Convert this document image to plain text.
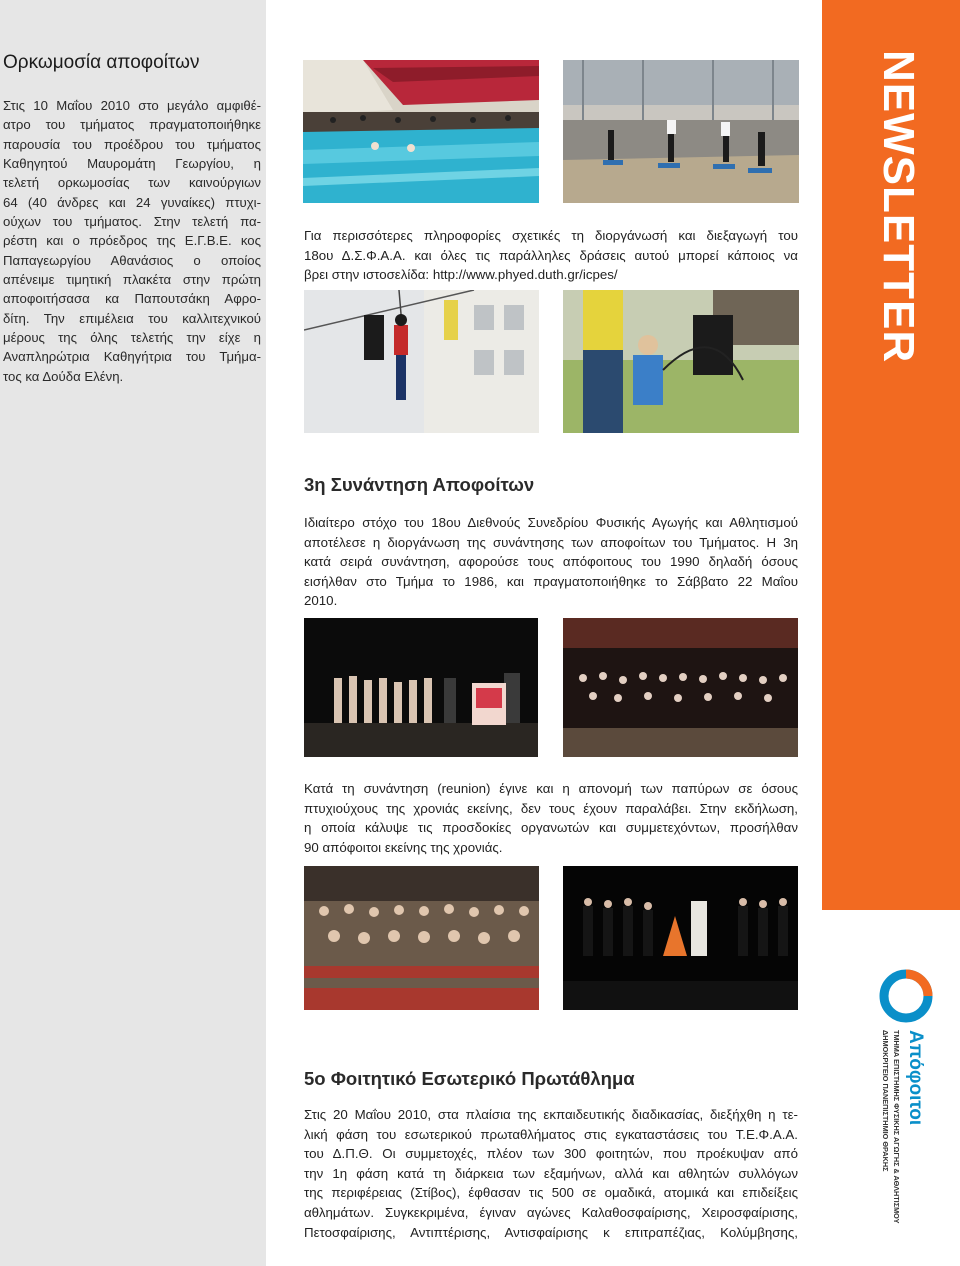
Ορκωμοσία αποφοίτων
Στις 10 Μαΐου 2010 στο μεγάλο αμφιθέ-
ατρο του τμήματος πραγματοποιήθηκε
παρουσία του προέδρου του τμήματος
Καθηγητού Μαυρομάτη Γεωργίου, η
τελετή ορκωμοσίας των καινούργιων
64 (40 άνδρες και 24 γυναίκες) πτυχι-
ούχων του τμήματος. Στην τελετή πα-
ρέστη και ο πρόεδρος της Ε.Γ.Β.Ε. κος
Παπαγεωργίου Αθανάσιος ο οποίος
απένειμε τιμητική πλακέτα στην πρώτη
αποφοιτήσασα κα Παπουτσάκη Αφρο-
δίτη. Την επιμέλεια του καλλιτεχνικού
μέρους της όλης τελετής την είχε η
Αναπληρώτρια Καθηγήτρια του Τμήμα-
τος κα Δούδα Ελένη.
Για περισσότερες πληροφορίες σχετικές τη διοργάνωσή και διεξαγωγή του
18ου Δ.Σ.Φ.Α.Α. και όλες τις παράλληλες δράσεις αυτού μπορεί κάποιος να
βρει στην ιστοσελίδα: http://www.phyed.duth.gr/icpes/
3η Συνάντηση Αποφοίτων
Ιδιαίτερο στόχο του 18ου Διεθνούς Συνεδρίου Φυσικής Αγωγής και Αθλητισμού
αποτέλεσε η διοργάνωση της συνάντησης των αποφοίτων του Τμήματος. Η 3η
κατά σειρά συνάντηση, αφορούσε τους απόφοιτους του 1990 δηλαδή όσους
εισήλθαν στο Τμήμα το 1986, και πραγματοποιήθηκε το Σάββατο 22 Μαΐου
2010.
Κατά τη συνάντηση (reunion) έγινε και η απονομή των παπύρων σε όσους
πτυχιούχους της χρονιάς εκείνης, δεν τους έχουν παραλάβει. Στην εκδήλωση,
η οποία κάλυψε τις προσδοκίες οργανωτών και συμμετεχόντων, προσήλθαν
90 απόφοιτοι εκείνης της χρονιάς.
5ο Φοιτητικό Εσωτερικό Πρωτάθλημα
Στις 20 Μαΐου 2010, στα πλαίσια της εκπαιδευτικής διαδικασίας, διεξήχθη η τε-
λική φάση του εσωτερικού πρωταθλήματος στις εγκαταστάσεις του Τ.Ε.Φ.Α.Α.
του Δ.Π.Θ. Οι συμμετοχές, πλέον των 300 φοιτητών, που προέκυψαν από
την 1η φάση κατά τη διάρκεια των εξαμήνων, αλλά και αθλητών συλλόγων
της περιφέρειας (Στίβος), έφθασαν τις 500 σε ομαδικά, ατομικά και επιδείξεις
αθλημάτων. Συγκεκριμένα, έγιναν αγώνες Καλαθοσφαίρισης, Χειροσφαίρισης,
Πετοσφαίρισης, Αντιπτέρισης, Αντισφαίρισης κ επιτραπέζιας, Κολύμβησης,
NEWSLETTER
Απόφοιτοι
ΤΜΗΜΑ ΕΠΙΣΤΗΜΗΣ ΦΥΣΙΚΗΣ ΑΓΩΓΗΣ & ΑΘΛΗΤΙΣΜΟΥ
ΔΗΜΟΚΡΙΤΕΙΟ ΠΑΝΕΠΙΣΤΗΜΙΟ ΘΡΑΚΗΣ
